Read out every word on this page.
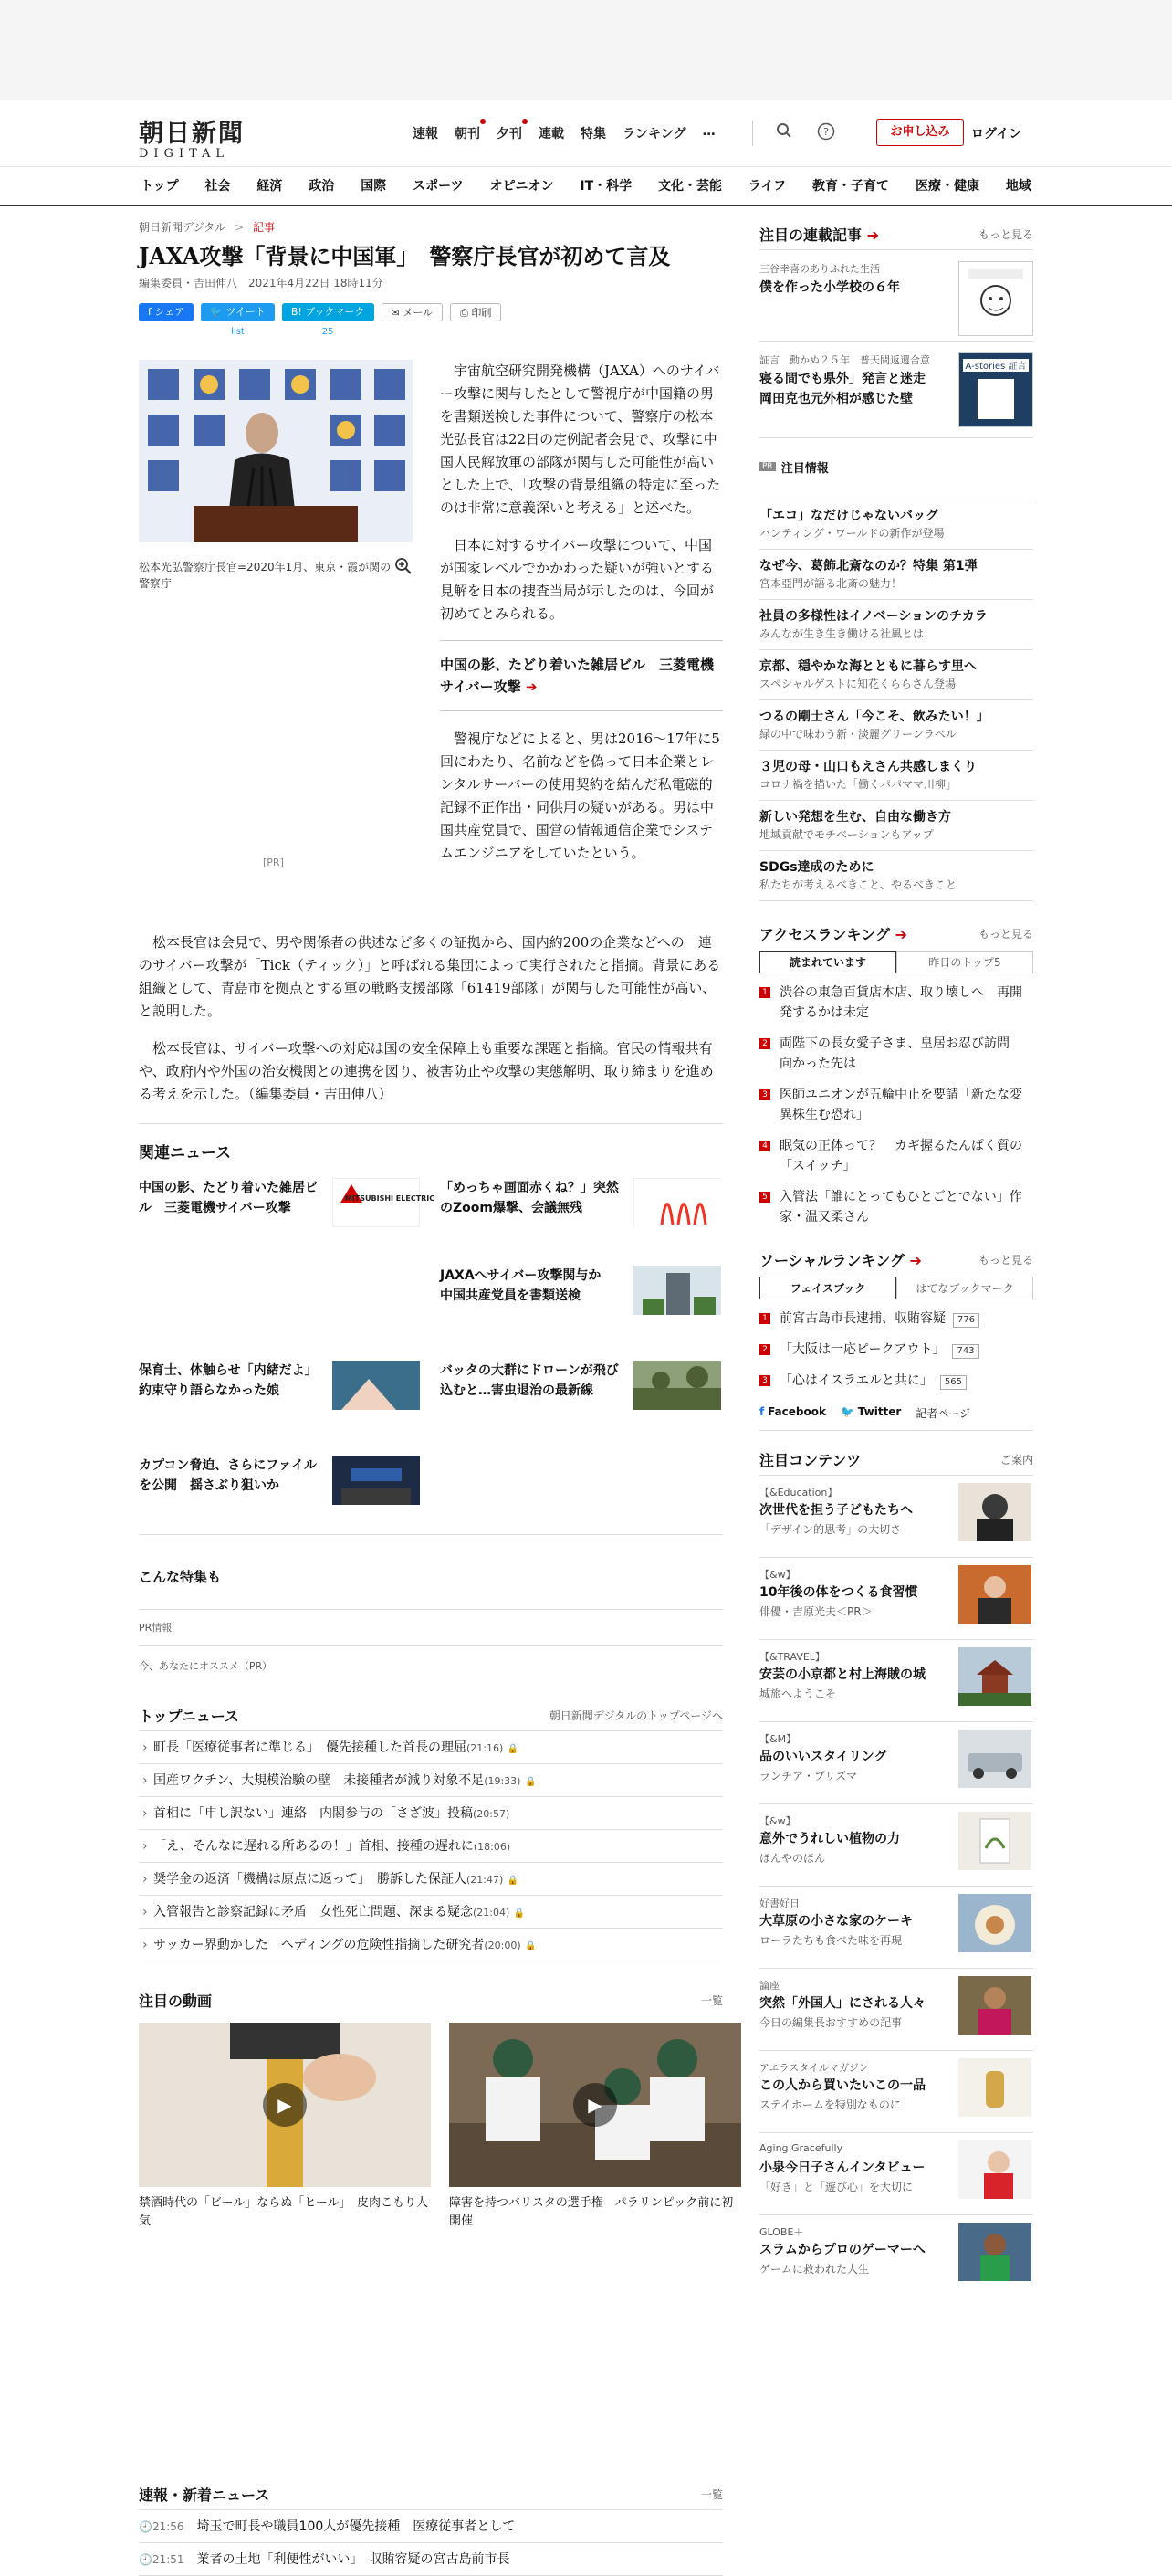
朝日新聞
DIGITAL
速報 朝刊 夕刊 連載 特集 ランキング …	?	お申し込み	ログイン
トップ 社会 経済 政治 国際 スポーツ オピニオン IT・科学 文化・芸能 ライフ 教育・子育て 医療・健康 地域
朝日新聞デジタル > 記事
JAXA攻撃「背景に中国軍」　警察庁長官が初めて言及
編集委員・吉田伸八　2021年4月22日 18時11分
f シェア	🐦 ツイート
list
B! ブックマーク
25
✉ メール	⎙ 印刷
松本光弘警察庁長官=2020年1月、東京・霞が関の警察庁
[PR]

宇宙航空研究開発機構（JAXA）へのサイバー攻撃に関与したとして警視庁が中国籍の男を書類送検した事件について、警察庁の松本光弘長官は22日の定例記者会見で、攻撃に中国人民解放軍の部隊が関与した可能性が高いとした上で、「攻撃の背景組織の特定に至ったのは非常に意義深いと考える」と述べた。

日本に対するサイバー攻撃について、中国が国家レベルでかかわった疑いが強いとする見解を日本の捜査当局が示したのは、今回が初めてとみられる。

中国の影、たどり着いた雑居ビル　三菱電機サイバー攻撃 ➔

警視庁などによると、男は2016～17年に5回にわたり、名前などを偽って日本企業とレンタルサーバーの使用契約を結んだ私電磁的記録不正作出・同供用の疑いがある。男は中国共産党員で、国営の情報通信企業でシステムエンジニアをしていたという。

松本長官は会見で、男や関係者の供述など多くの証拠から、国内約200の企業などへの一連のサイバー攻撃が「Tick（ティック）」と呼ばれる集団によって実行されたと指摘。背景にある組織として、青島市を拠点とする軍の戦略支援部隊「61419部隊」が関与した可能性が高い、と説明した。

松本長官は、サイバー攻撃への対応は国の安全保障上も重要な課題と指摘。官民の情報共有や、政府内や外国の治安機関との連携を図り、被害防止や攻撃の実態解明、取り締まりを進める考えを示した。（編集委員・吉田伸八）

関連ニュース
中国の影、たどり着いた雑居ビル　三菱電機サイバー攻撃
MITSUBISHI ELECTRIC
「めっちゃ画面赤くね？」突然のZoom爆撃、会議無残
JAXAへサイバー攻撃関与か　中国共産党員を書類送検
保育士、体触らせ「内緒だよ」　約束守り語らなかった娘
バッタの大群にドローンが飛び込むと…害虫退治の最新線
カプコン脅迫、さらにファイルを公開　揺さぶり狙いか
こんな特集も
PR情報
今、あなたにオススメ（PR）
トップニュース	朝日新聞デジタルのトップページへ
› 町長「医療従事者に準じる」　優先接種した首長の理屈(21:16) 🔒
› 国産ワクチン、大規模治験の壁　未接種者が減り対象不足(19:33) 🔒
› 首相に「申し訳ない」連絡　内閣参与の「さざ波」投稿(20:57)
› 「え、そんなに遅れる所あるの！」首相、接種の遅れに(18:06)
› 奨学金の返済「機構は原点に返って」　勝訴した保証人(21:47) 🔒
› 入管報告と診察記録に矛盾　女性死亡問題、深まる疑念(21:04) 🔒
› サッカー界動かした　ヘディングの危険性指摘した研究者(20:00) 🔒
注目の動画	一覧
▶
禁酒時代の「ビール」ならぬ「ヒール」　皮肉こもり人気
▶
障害を持つバリスタの選手権　パラリンピック前に初開催
速報・新着ニュース	一覧
🕘21:56　 埼玉で町長や職員100人が優先接種　医療従事者として
🕘21:51　 業者の土地「利便性がいい」　収賄容疑の宮古島前市長
注目の連載記事 ➔	もっと見る
三谷幸喜のありふれた生活
僕を作った小学校の６年
証言　動かぬ２５年　普天間返還合意
寝る間でも県外」発言と迷走　岡田克也元外相が感じた壁
A-stories 証言
PR 注目情報
「エコ」なだけじゃないバッグ
ハンティング・ワールドの新作が登場
なぜ今、葛飾北斎なのか？特集 第1弾
宮本亞門が語る北斎の魅力！
社員の多様性はイノベーションのチカラ
みんなが生き生き働ける社風とは
京都、穏やかな海とともに暮らす里へ
スペシャルゲストに知花くららさん登場
つるの剛士さん「今こそ、飲みたい！」
緑の中で味わう新・淡麗グリーンラベル
３児の母・山口もえさん共感しまくり
コロナ禍を描いた「働くパパママ川柳」
新しい発想を生む、自由な働き方
地域貢献でモチベーションもアップ
SDGs達成のために
私たちが考えるべきこと、やるべきこと
アクセスランキング ➔	もっと見る
読まれています	昨日のトップ5
1 渋谷の東急百貨店本店、取り壊しへ　再開発するかは未定
2 両陛下の長女愛子さま、皇居お忍び訪問　向かった先は
3 医師ユニオンが五輪中止を要請「新たな変異株生む恐れ」
4 眠気の正体って？　カギ握るたんぱく質の「スイッチ」
5 入管法「誰にとってもひとごとでない」作家・温又柔さん
ソーシャルランキング ➔	もっと見る
フェイスブック	はてなブックマーク
1 前宮古島市長逮捕、収賄容疑 776
2 「大阪は一応ピークアウト」 743
3 「心はイスラエルと共に」 565
f Facebook 🐦 Twitter 記者ページ
注目コンテンツ	ご案内
【&Education】
次世代を担う子どもたちへ
「デザイン的思考」の大切さ
【&w】
10年後の体をつくる食習慣
俳優・吉原光夫＜PR＞
【&TRAVEL】
安芸の小京都と村上海賊の城
城旅へようこそ
【&M】
品のいいスタイリング
ランチア・プリズマ
【&w】
意外でうれしい植物の力
ほんやのほん
好書好日
大草原の小さな家のケーキ
ローラたちも食べた味を再現
論座
突然「外国人」にされる人々
今日の編集長おすすめの記事
アエラスタイルマガジン
この人から買いたいこの一品
ステイホームを特別なものに
Aging Gracefully
小泉今日子さんインタビュー
「好き」と「遊び心」を大切に
GLOBE＋
スラムからプロのゲーマーへ
ゲームに救われた人生
